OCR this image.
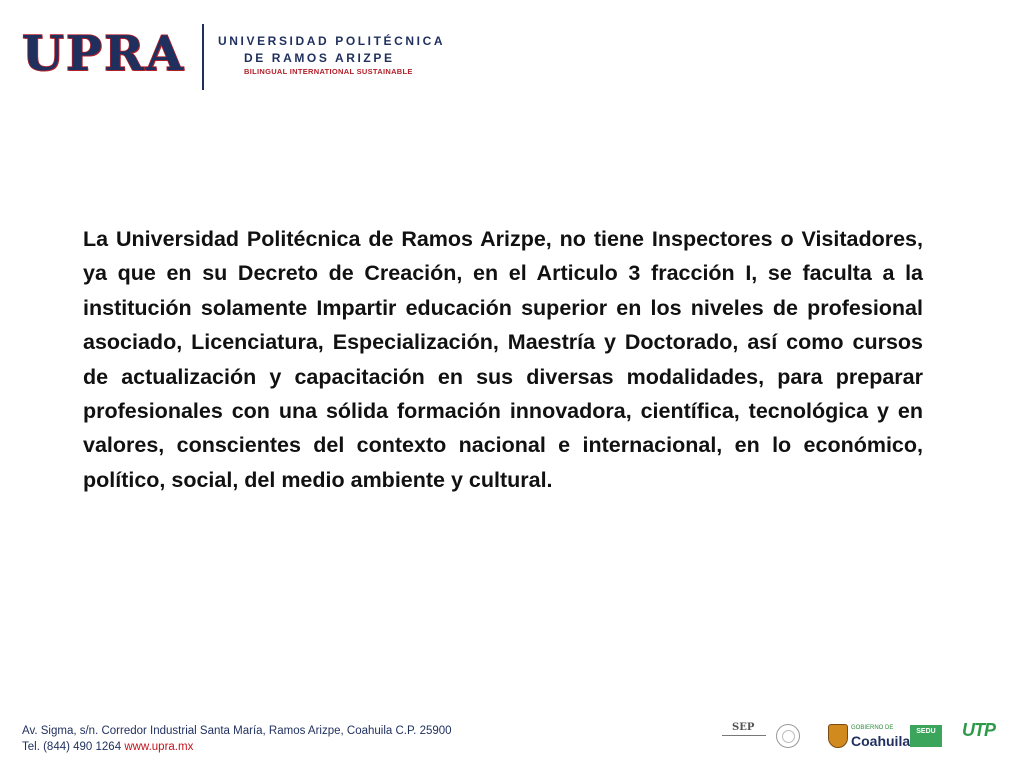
UPRA	UNIVERSIDAD POLITÉCNICA
DE RAMOS ARIZPE
BILINGUAL INTERNATIONAL SUSTAINABLE

La Universidad Politécnica de Ramos Arizpe, no tiene Inspectores o Visitadores, ya que en su Decreto de Creación, en el Articulo 3 fracción I, se faculta a la institución solamente Impartir educación superior en los niveles de profesional asociado, Licenciatura, Especialización, Maestría y Doctorado, así como cursos de actualización y capacitación en sus diversas modalidades, para preparar profesionales con una sólida formación innovadora, científica, tecnológica y en valores, conscientes del contexto nacional e internacional, en lo económico, político, social, del medio ambiente y cultural.

Av. Sigma, s/n. Corredor Industrial Santa María, Ramos Arizpe, Coahuila C.P. 25900
Tel. (844) 490 1264 www.upra.mx
SEP	GOBIERNO DE
Coahuila
SEDU	UTP
